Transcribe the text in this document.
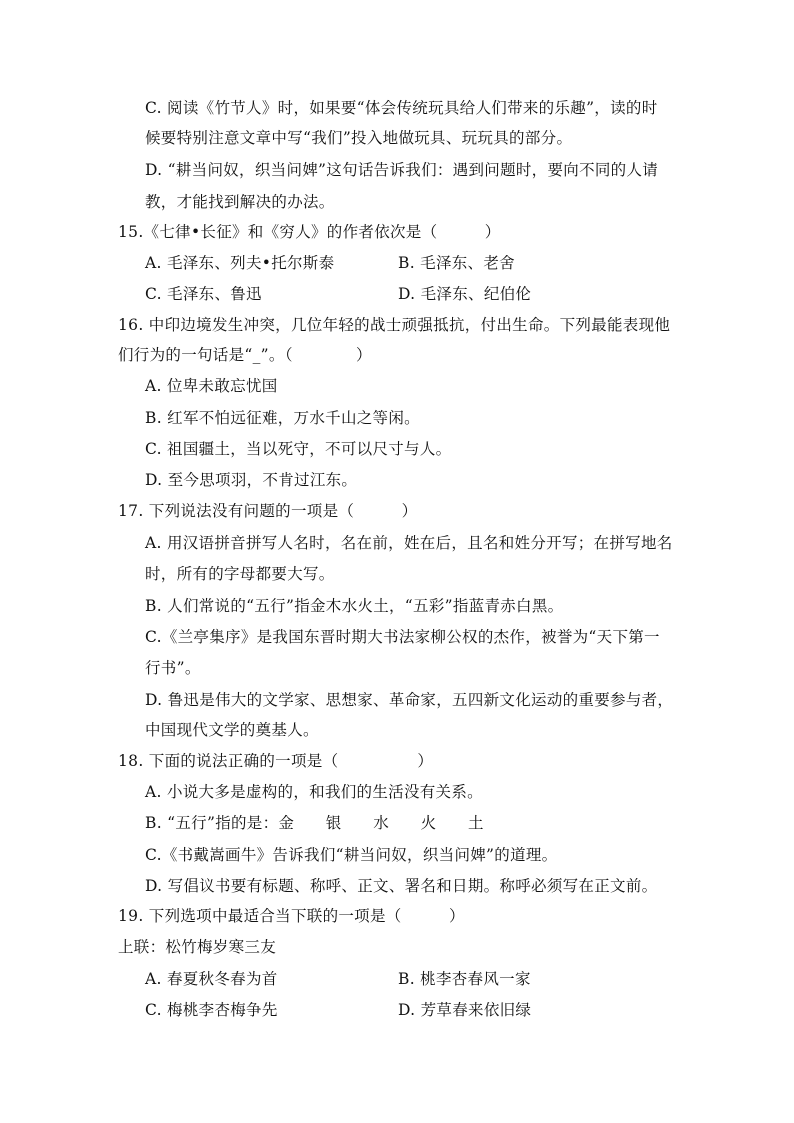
C. 阅读《竹节人》时，如果要“体会传统玩具给人们带来的乐趣”，读的时
候要特别注意文章中写“我们”投入地做玩具、玩玩具的部分。
D. “耕当问奴，织当问婢”这句话告诉我们：遇到问题时，要向不同的人请
教，才能找到解决的办法。
15.《七律•长征》和《穷人》的作者依次是（　　　）
A. 毛泽东、列夫•托尔斯泰	B. 毛泽东、老舍
C. 毛泽东、鲁迅	D. 毛泽东、纪伯伦
16. 中印边境发生冲突，几位年轻的战士顽强抵抗，付出生命。下列最能表现他
们行为的一句话是“_”。（　　　　）
A. 位卑未敢忘忧国
B. 红军不怕远征难，万水千山之等闲。
C. 祖国疆土，当以死守，不可以尺寸与人。
D. 至今思项羽，不肯过江东。
17. 下列说法没有问题的一项是（　　　）
A. 用汉语拼音拼写人名时，名在前，姓在后，且名和姓分开写；在拼写地名
时，所有的字母都要大写。
B. 人们常说的“五行”指金木水火土，“五彩”指蓝青赤白黑。
C.《兰亭集序》是我国东晋时期大书法家柳公权的杰作，被誉为“天下第一
行书”。
D. 鲁迅是伟大的文学家、思想家、革命家，五四新文化运动的重要参与者，
中国现代文学的奠基人。
18. 下面的说法正确的一项是（　　　　　）
A. 小说大多是虚构的，和我们的生活没有关系。
B. “五行”指的是：金　　银　　水　　火　　土
C.《书戴嵩画牛》告诉我们“耕当问奴，织当问婢”的道理。
D. 写倡议书要有标题、称呼、正文、署名和日期。称呼必须写在正文前。
19. 下列选项中最适合当下联的一项是（　　　）
上联：松竹梅岁寒三友
A. 春夏秋冬春为首	B. 桃李杏春风一家
C. 梅桃李杏梅争先	D. 芳草春来依旧绿
